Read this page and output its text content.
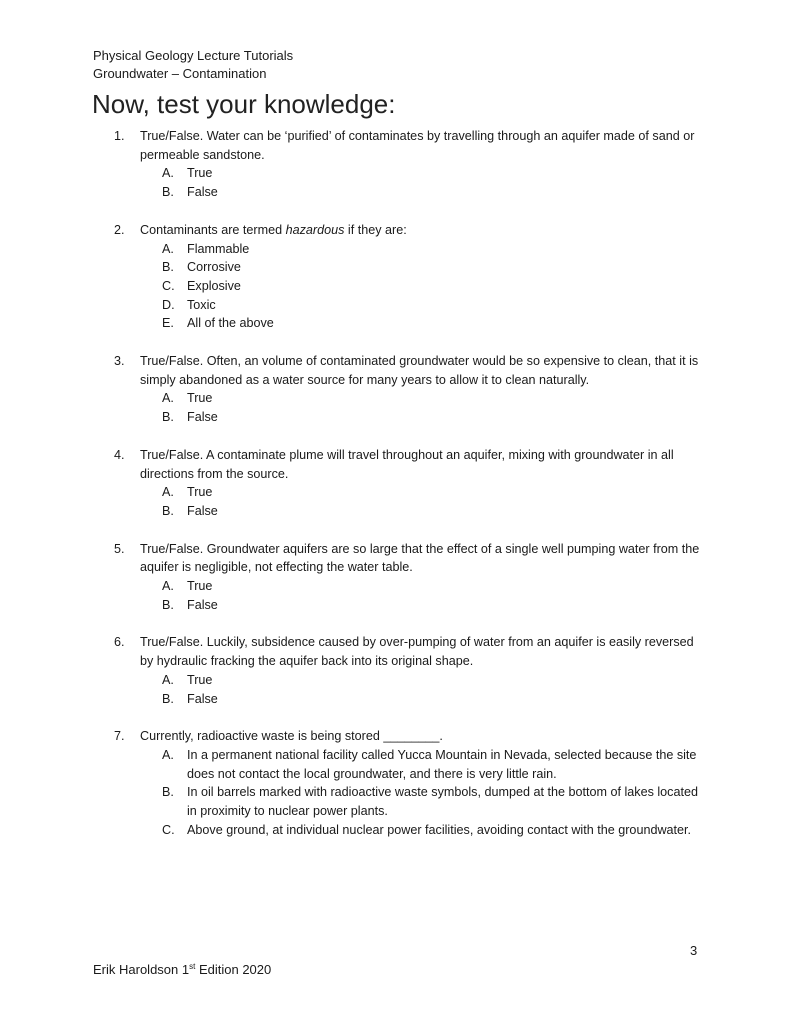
Physical Geology Lecture Tutorials
Groundwater – Contamination
Now, test your knowledge:
1. True/False. Water can be ‘purified’ of contaminates by travelling through an aquifer made of sand or permeable sandstone.
A. True
B. False
2. Contaminants are termed hazardous if they are:
A. Flammable
B. Corrosive
C. Explosive
D. Toxic
E. All of the above
3. True/False. Often, an volume of contaminated groundwater would be so expensive to clean, that it is simply abandoned as a water source for many years to allow it to clean naturally.
A. True
B. False
4. True/False. A contaminate plume will travel throughout an aquifer, mixing with groundwater in all directions from the source.
A. True
B. False
5. True/False. Groundwater aquifers are so large that the effect of a single well pumping water from the aquifer is negligible, not effecting the water table.
A. True
B. False
6. True/False. Luckily, subsidence caused by over-pumping of water from an aquifer is easily reversed by hydraulic fracking the aquifer back into its original shape.
A. True
B. False
7. Currently, radioactive waste is being stored ________.
A. In a permanent national facility called Yucca Mountain in Nevada, selected because the site does not contact the local groundwater, and there is very little rain.
B. In oil barrels marked with radioactive waste symbols, dumped at the bottom of lakes located in proximity to nuclear power plants.
C. Above ground, at individual nuclear power facilities, avoiding contact with the groundwater.
3
Erik Haroldson 1st Edition 2020
